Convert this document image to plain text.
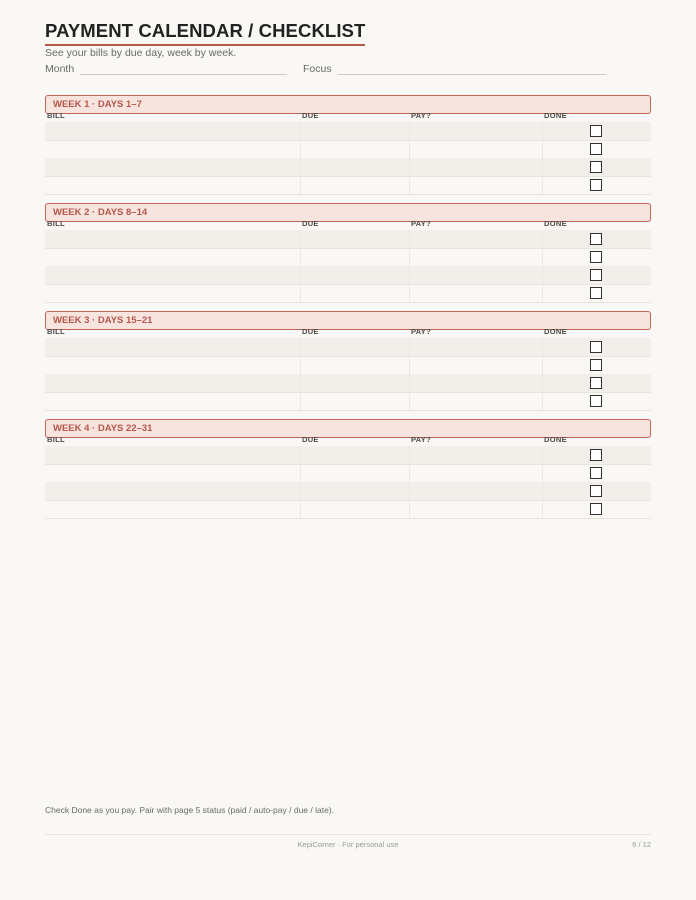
PAYMENT CALENDAR / CHECKLIST
See your bills by due day, week by week.
Month	Focus
WEEK 1 · DAYS 1–7
BILL	DUE	PAY?	DONE
WEEK 2 · DAYS 8–14
BILL	DUE	PAY?	DONE
WEEK 3 · DAYS 15–21
BILL	DUE	PAY?	DONE
WEEK 4 · DAYS 22–31
BILL	DUE	PAY?	DONE
Check Done as you pay. Pair with page 5 status (paid / auto-pay / due / late).
KepiCorner · For personal use	6 / 12
